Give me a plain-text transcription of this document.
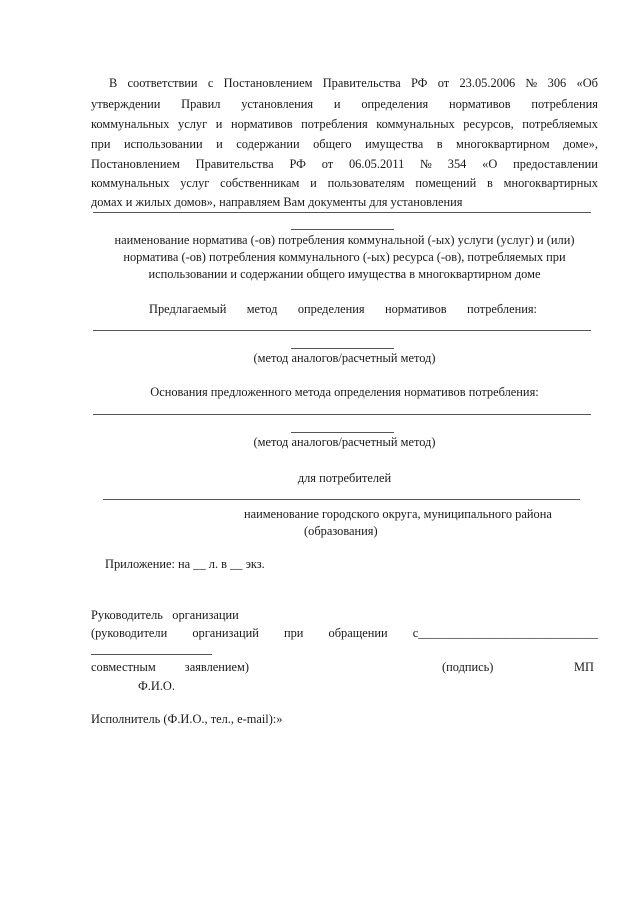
В соответствии с Постановлением Правительства РФ от 23.05.2006 № 306 «Об
утверждении Правил установления и определения нормативов потребления
коммунальных услуг и нормативов потребления коммунальных ресурсов, потребляемых
при использовании и содержании общего имущества в многоквартирном доме»,
Постановлением Правительства РФ от 06.05.2011 № 354 «О предоставлении
коммунальных услуг собственникам и пользователям помещений в многоквартирных
домах и жилых домов», направляем Вам документы для установления
наименование норматива (-ов) потребления коммунальной (-ых) услуги (услуг) и (или)
норматива (-ов) потребления коммунального (-ых) ресурса (-ов), потребляемых при
использовании и содержании общего имущества в многоквартирном доме
Предлагаемый метод определения нормативов потребления:
(метод аналогов/расчетный метод)
Основания предложенного метода определения нормативов потребления:
(метод аналогов/расчетный метод)
для потребителей
наименование городского округа, муниципального района
(образования)
Приложение: на __ л. в __ экз.
Руководитель   организации
(руководители организаций при обращении с_____________________________
совместным заявлением)	(подпись)	МП
Ф.И.О.
Исполнитель (Ф.И.О., тел., e-mail):»
